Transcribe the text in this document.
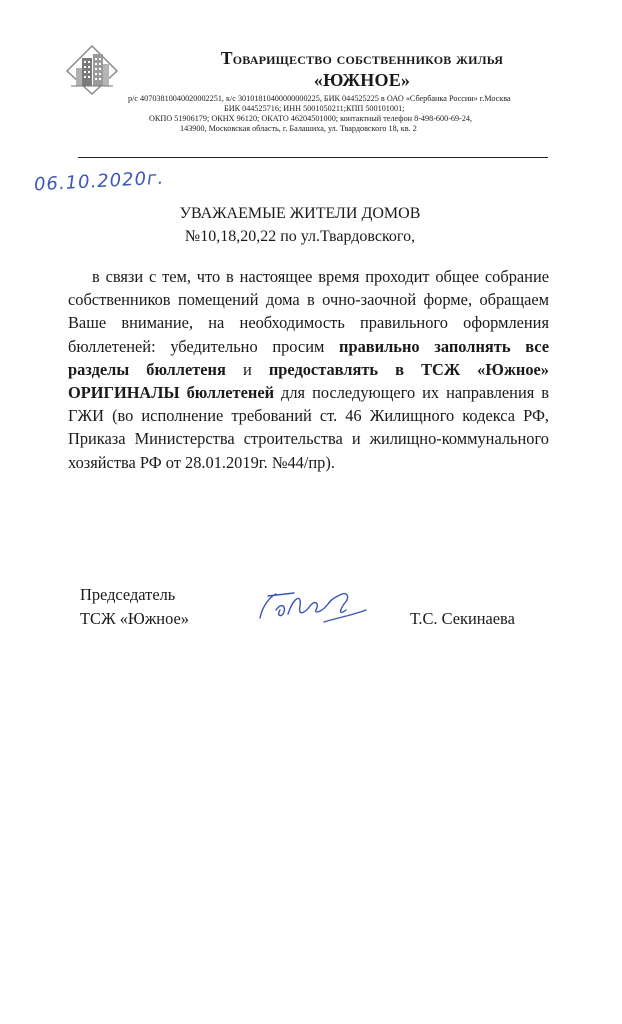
Товарищество собственников жилья
«ЮЖНОЕ»
р/с 40703810040020002251, к/с 30101810400000000225, БИК 044525225 в ОАО «Сбербанка России» г.Москва
БИК 044525716; ИНН 5001050211;КПП 500101001;
ОКПО 51906179; ОКНХ 96120; ОКАТО 46204501000; контактный телефон 8-498-600-69-24,
143900, Московская область, г. Балашиха, ул. Твардовского 18, кв. 2
06.10.2020г.
УВАЖАЕМЫЕ ЖИТЕЛИ ДОМОВ
№10,18,20,22 по ул.Твардовского,

в связи с тем, что в настоящее время проходит общее собрание собственников помещений дома в очно-заочной форме, обращаем Ваше внимание, на необходимость правильного оформления бюллетеней: убедительно просим правильно заполнять все разделы бюллетеня и предоставлять в ТСЖ «Южное» ОРИГИНАЛЫ бюллетеней для последующего их направления в ГЖИ (во исполнение требований ст. 46 Жилищного кодекса РФ, Приказа Министерства строительства и жилищно-коммунального хозяйства РФ от 28.01.2019г. №44/пр).

Председатель
ТСЖ «Южное»	Т.С. Секинаева
